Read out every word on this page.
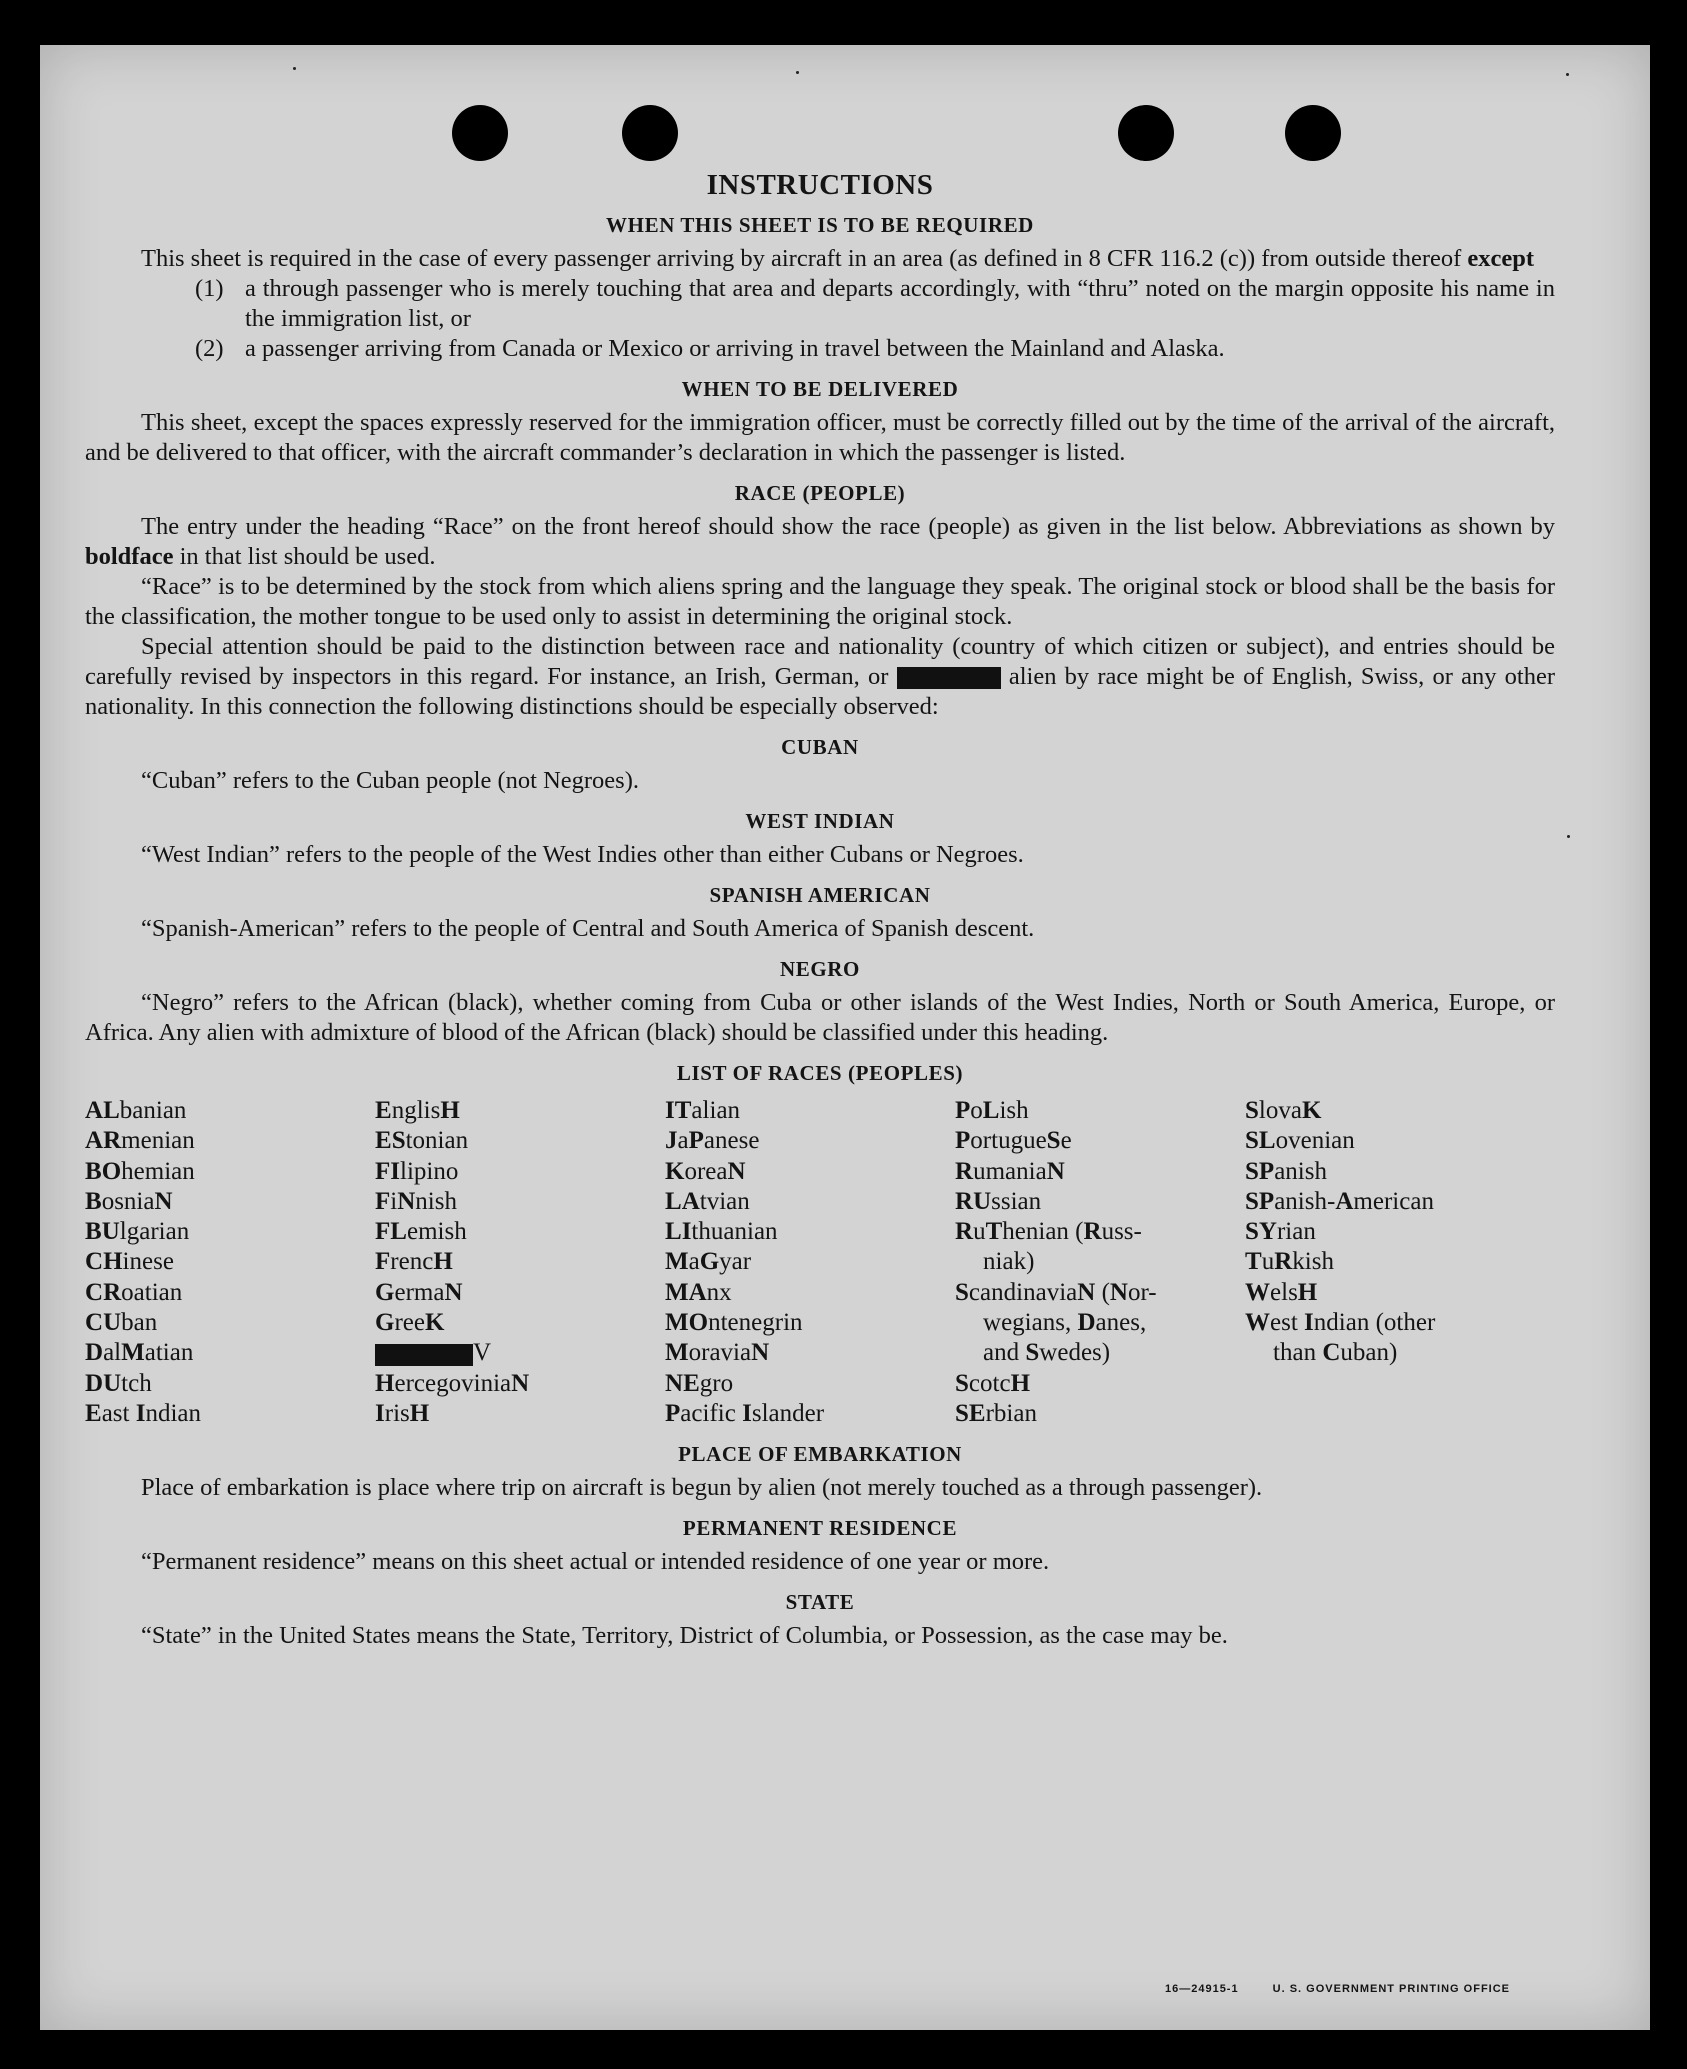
INSTRUCTIONS
WHEN THIS SHEET IS TO BE REQUIRED

This sheet is required in the case of every passenger arriving by aircraft in an area (as defined in 8 CFR 116.2 (c)) from outside thereof except

(1) a through passenger who is merely touching that area and departs accordingly, with “thru” noted on the margin opposite his name in the immigration list, or
(2) a passenger arriving from Canada or Mexico or arriving in travel between the Mainland and Alaska.
WHEN TO BE DELIVERED

This sheet, except the spaces expressly reserved for the immigration officer, must be correctly filled out by the time of the arrival of the aircraft, and be delivered to that officer, with the aircraft commander’s declaration in which the passenger is listed.

RACE (PEOPLE)

The entry under the heading “Race” on the front hereof should show the race (people) as given in the list below. Abbreviations as shown by boldface in that list should be used.

“Race” is to be determined by the stock from which aliens spring and the language they speak. The original stock or blood shall be the basis for the classification, the mother tongue to be used only to assist in determining the original stock.

Special attention should be paid to the distinction between race and nationality (country of which citizen or subject), and entries should be carefully revised by inspectors in this regard. For instance, an Irish, German, or	alien by race might be of English, Swiss, or any other nationality. In this connection the following distinctions should be especially observed:

CUBAN

“Cuban” refers to the Cuban people (not Negroes).

WEST INDIAN

“West Indian” refers to the people of the West Indies other than either Cubans or Negroes.

SPANISH AMERICAN

“Spanish-American” refers to the people of Central and South America of Spanish descent.

NEGRO

“Negro” refers to the African (black), whether coming from Cuba or other islands of the West Indies, North or South America, Europe, or Africa. Any alien with admixture of blood of the African (black) should be classified under this heading.

LIST OF RACES (PEOPLES)
ALbanian
ARmenian
BOhemian
BosniaN
BUlgarian
CHinese
CRoatian
CUban
DalMatian
DUtch
East Indian
EnglisH
EStonian
FIlipino
FiNnish
FLemish
FrencH
GermaN
GreeK
V
HercegoviniaN
IrisH
ITalian
JaPanese
KoreaN
LAtvian
LIthuanian
MaGyar
MAnx
MOntenegrin
MoraviaN
NEgro
Pacific Islander
PoLish
PortugueSe
RumaniaN
RUssian
RuThenian (Russ-
niak)
ScandinaviaN (Nor-
wegians, Danes,
and Swedes)
ScotcH
SErbian
SlovaK
SLovenian
SPanish
SPanish-American
SYrian
TuRkish
WelsH
West Indian (other
than Cuban)
PLACE OF EMBARKATION

Place of embarkation is place where trip on aircraft is begun by alien (not merely touched as a through passenger).

PERMANENT RESIDENCE

“Permanent residence” means on this sheet actual or intended residence of one year or more.

STATE

“State” in the United States means the State, Territory, District of Columbia, or Possession, as the case may be.

16—24915-1	U. S. GOVERNMENT PRINTING OFFICE
